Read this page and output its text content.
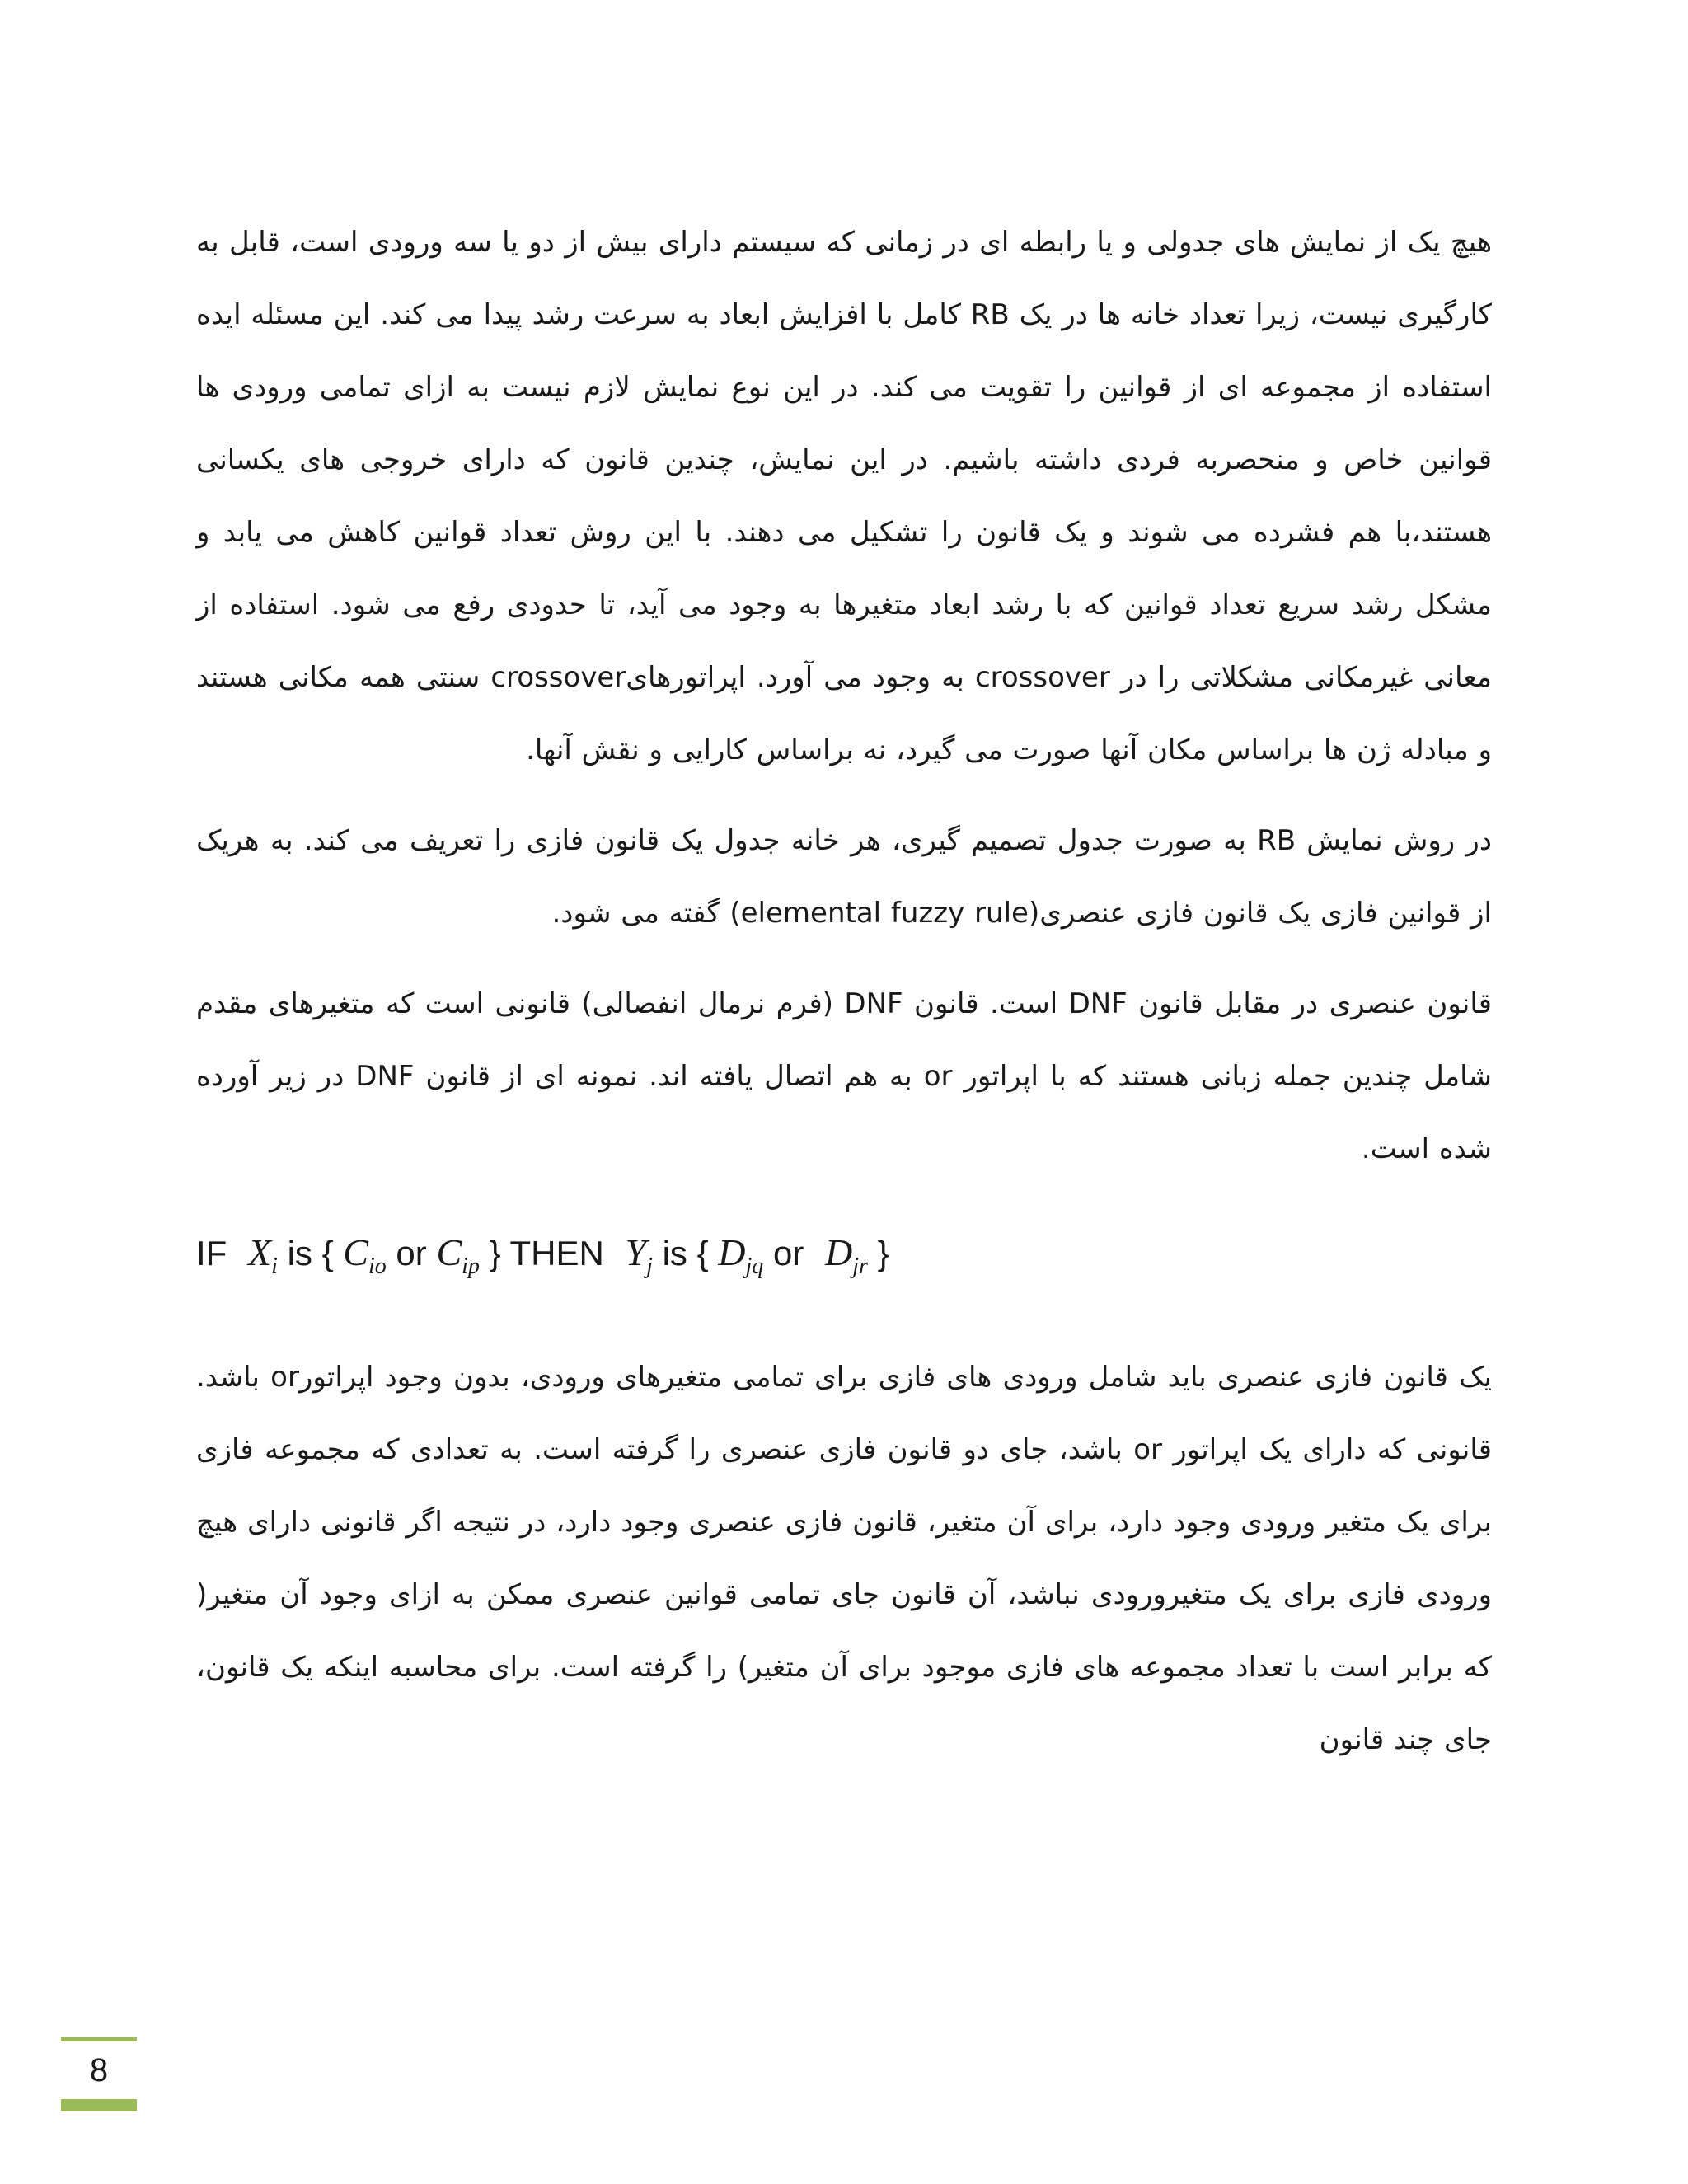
هیچ یک از نمایش های جدولی و یا رابطه ای در زمانی که سیستم دارای بیش از دو یا سه ورودی است، قابل به کارگیری نیست، زیرا تعداد خانه ها در یک RB کامل با افزایش ابعاد به سرعت رشد پیدا می کند. این مسئله ایده استفاده از مجموعه ای از قوانین را تقویت می کند. در این نوع نمایش لازم نیست به ازای تمامی ورودی ها قوانین خاص و منحصربه فردی داشته باشیم. در این نمایش، چندین قانون که دارای خروجی های یکسانی هستند،با هم فشرده می شوند و یک قانون را تشکیل می دهند. با این روش تعداد قوانین کاهش می یابد و مشکل رشد سریع تعداد قوانین که با رشد ابعاد متغیرها به وجود می آید، تا حدودی رفع می شود. استفاده از معانی غیرمکانی مشکلاتی را در crossover به وجود می آورد. اپراتورهایcrossover سنتی همه مکانی هستند و مبادله ژن ها براساس مکان آنها صورت می گیرد، نه براساس کارایی و نقش آنها.

در روش نمایش RB به صورت جدول تصمیم گیری، هر خانه جدول یک قانون فازی را تعریف می کند. به هریک از قوانین فازی یک قانون فازی عنصری(elemental fuzzy rule) گفته می شود.

قانون عنصری در مقابل قانون DNF است. قانون DNF (فرم نرمال انفصالی) قانونی است که متغیرهای مقدم شامل چندین جمله زبانی هستند که با اپراتور or به هم اتصال یافته اند. نمونه ای از قانون DNF در زیر آورده شده است.

IF $X_i$ is { $C_{io}$ or $C_{ip}$ } THEN $Y_j$ is { $D_{jq}$ or $D_{jr}$ }

یک قانون فازی عنصری باید شامل ورودی های فازی برای تمامی متغیرهای ورودی، بدون وجود اپراتورor باشد. قانونی که دارای یک اپراتور or باشد، جای دو قانون فازی عنصری را گرفته است. به تعدادی که مجموعه فازی برای یک متغیر ورودی وجود دارد، برای آن متغیر، قانون فازی عنصری وجود دارد، در نتیجه اگر قانونی دارای هیچ ورودی فازی برای یک متغیرورودی نباشد، آن قانون جای تمامی قوانین عنصری ممکن به ازای وجود آن متغیر( که برابر است با تعداد مجموعه های فازی موجود برای آن متغیر) را گرفته است. برای محاسبه اینکه یک قانون، جای چند قانون

8
